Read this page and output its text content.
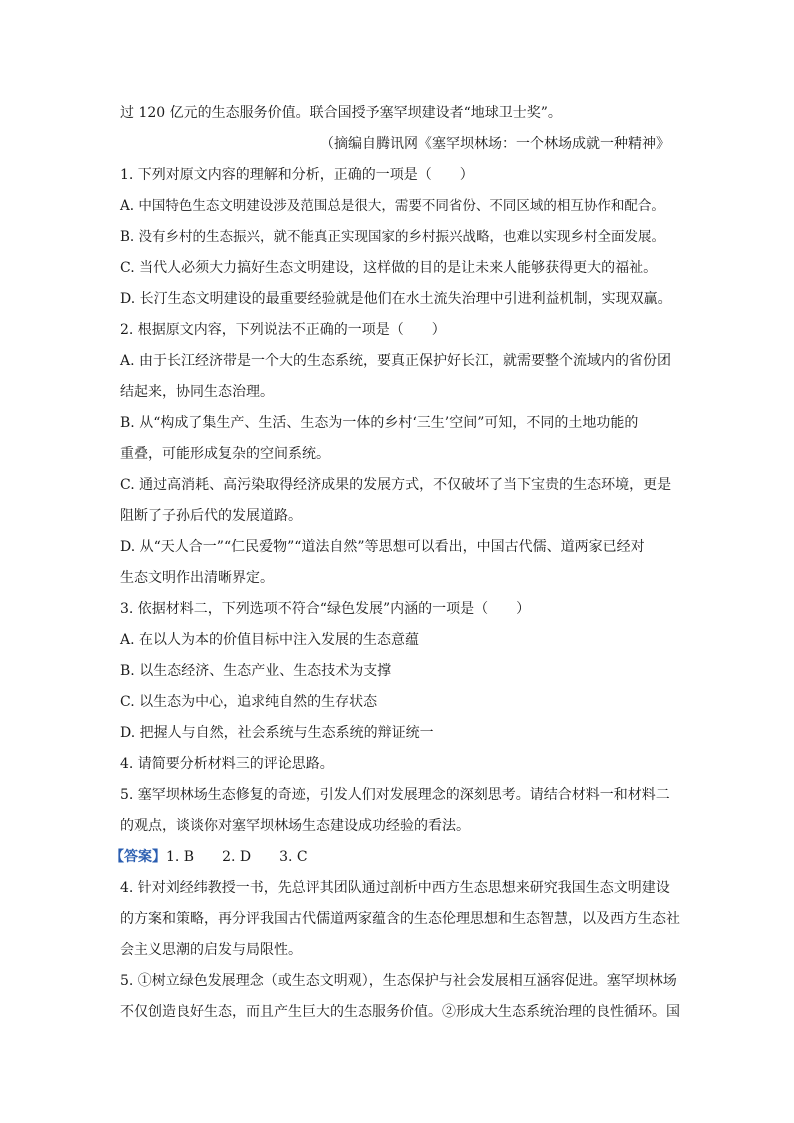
过 120 亿元的生态服务价值。联合国授予塞罕坝建设者“地球卫士奖”。
（摘编自腾讯网《塞罕坝林场：一个林场成就一种精神》
1. 下列对原文内容的理解和分析，正确的一项是（　　）
A. 中国特色生态文明建设涉及范围总是很大，需要不同省份、不同区域的相互协作和配合。
B. 没有乡村的生态振兴，就不能真正实现国家的乡村振兴战略，也难以实现乡村全面发展。
C. 当代人必须大力搞好生态文明建设，这样做的目的是让未来人能够获得更大的福祉。
D. 长汀生态文明建设的最重要经验就是他们在水土流失治理中引进利益机制，实现双赢。
2. 根据原文内容，下列说法不正确的一项是（　　）
A. 由于长江经济带是一个大的生态系统，要真正保护好长江，就需要整个流域内的省份团
结起来，协同生态治理。
B. 从“构成了集生产、生活、生态为一体的乡村‘三生’空间”可知，不同的土地功能的
重叠，可能形成复杂的空间系统。
C. 通过高消耗、高污染取得经济成果的发展方式，不仅破坏了当下宝贵的生态环境，更是
阻断了子孙后代的发展道路。
D. 从“天人合一”“仁民爱物”“道法自然”等思想可以看出，中国古代儒、道两家已经对
生态文明作出清晰界定。
3. 依据材料二，下列选项不符合“绿色发展”内涵的一项是（　　）
A. 在以人为本的价值目标中注入发展的生态意蕴
B. 以生态经济、生态产业、生态技术为支撑
C. 以生态为中心，追求纯自然的生存状态
D. 把握人与自然，社会系统与生态系统的辩证统一
4. 请简要分析材料三的评论思路。
5. 塞罕坝林场生态修复的奇迹，引发人们对发展理念的深刻思考。请结合材料一和材料二
的观点，谈谈你对塞罕坝林场生态建设成功经验的看法。
【答案】1. B　　2. D　　3. C
4. 针对刘经纬教授一书，先总评其团队通过剖析中西方生态思想来研究我国生态文明建设
的方案和策略，再分评我国古代儒道两家蕴含的生态伦理思想和生态智慧，以及西方生态社
会主义思潮的启发与局限性。
5. ①树立绿色发展理念（或生态文明观），生态保护与社会发展相互涵容促进。塞罕坝林场
不仅创造良好生态，而且产生巨大的生态服务价值。②形成大生态系统治理的良性循环。国
